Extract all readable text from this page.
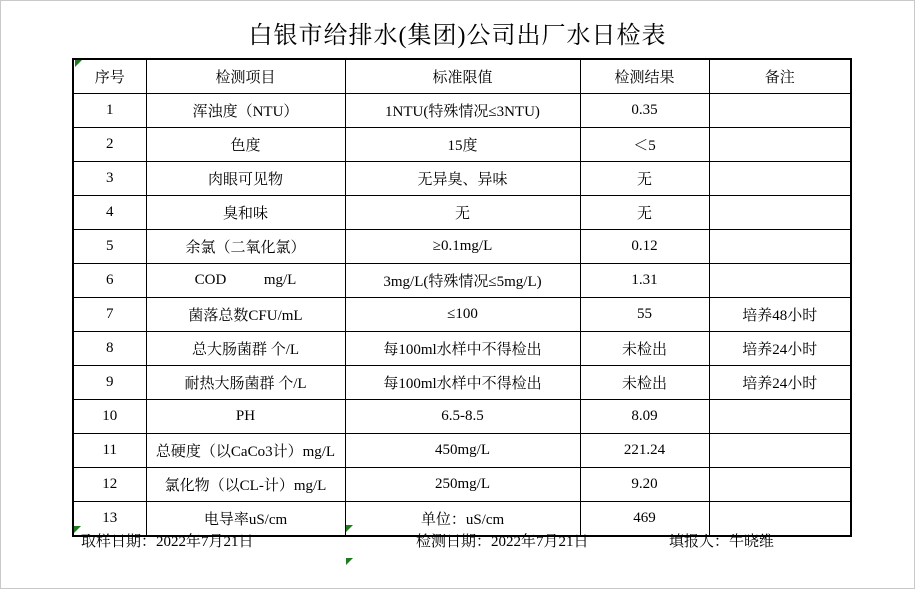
白银市给排水(集团)公司出厂水日检表
序号	检测项目	标准限值	检测结果	备注
1	浑浊度（NTU）	1NTU(特殊情况≤3NTU)	0.35	
2	色度	15度	＜5	
3	肉眼可见物	无异臭、异味	无	
4	臭和味	无	无	
5	余氯（二氧化氯）	≥0.1mg/L	0.12	
6	COD          mg/L	3mg/L(特殊情况≤5mg/L)	1.31	
7	菌落总数CFU/mL	≤100	55	培养48小时
8	总大肠菌群 个/L	每100ml水样中不得检出	未检出	培养24小时
9	耐热大肠菌群 个/L	每100ml水样中不得检出	未检出	培养24小时
10	PH	6.5-8.5	8.09	
11	总硬度（以CaCo3计）mg/L	450mg/L	221.24	
12	氯化物（以CL-计）mg/L	250mg/L	9.20	
13	电导率uS/cm	单位：uS/cm	469	
取样日期：2022年7月21日	检测日期：2022年7月21日	填报人：牛晓维
